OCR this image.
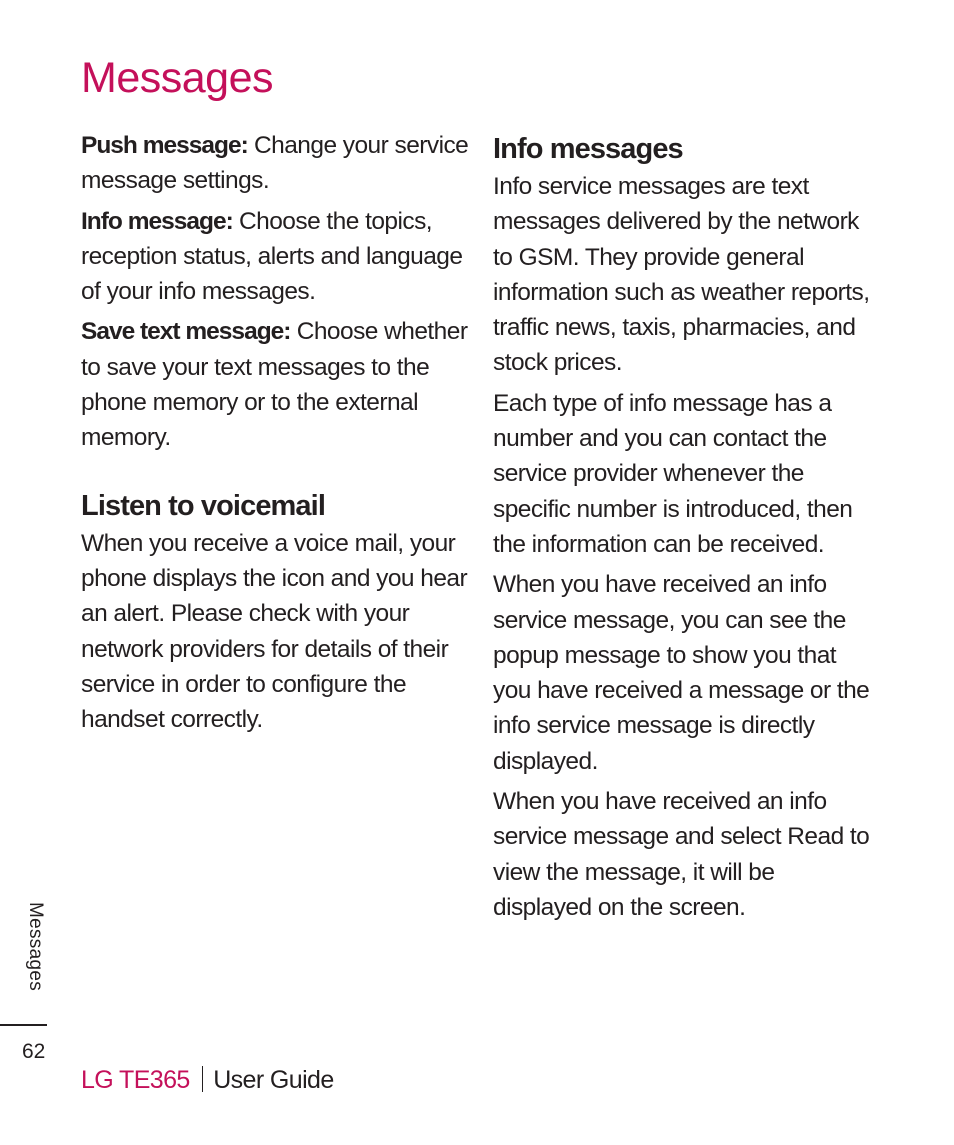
Messages

Push message: Change your service message settings.

Info message: Choose the topics, reception status, alerts and language of your info messages.

Save text message: Choose whether to save your text messages to the phone memory or to the external memory.

Listen to voicemail

When you receive a voice mail, your phone displays the icon and you hear an alert. Please check with your network providers for details of their service in order to configure the handset correctly.

Info messages

Info service messages are text messages delivered by the network to GSM. They provide general information such as weather reports, traffic news, taxis, pharmacies, and stock prices.

Each type of info message has a number and you can contact the service provider whenever the specific number is introduced, then the information can be received.

When you have received an info service message, you can see the popup message to show you that you have received a message or the info service message is directly displayed.

When you have received an info service message and select Read to view the message, it will be displayed on the screen.

Messages
62
LG TE365 User Guide
